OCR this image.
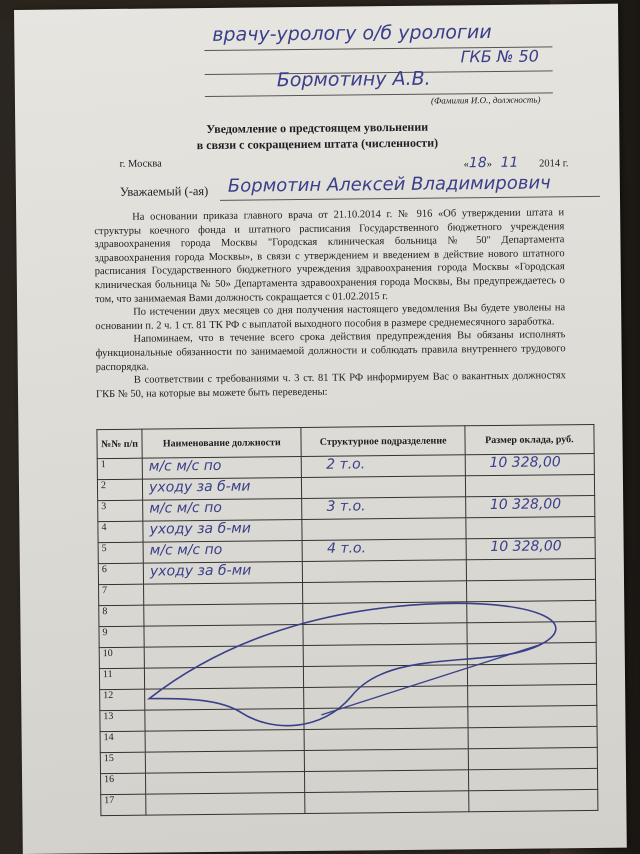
врачу-урологу о/б урологии
ГКБ № 50
Бормотину А.В.
(Фамилия И.О., должность)
Уведомление о предстоящем увольнении
в связи с сокращением штата (численности)
г. Москва	«18» 11 2014 г.
Уважаемый (-ая) Бормотин Алексей Владимирович

На основании приказа главного врача от 21.10.2014 г. № 916 «Об утверждении штата и структуры коечного фонда и штатного расписания Государственного бюджетного учреждения здравоохранения города Москвы "Городская клиническая больница № 50" Департамента здравоохранения города Москвы», в связи с утверждением и введением в действие нового штатного расписания Государственного бюджетного учреждения здравоохранения города Москвы «Городская клиническая больница № 50» Департамента здравоохранения города Москвы, Вы предупреждаетесь о том, что занимаемая Вами должность сокращается с 01.02.2015 г.

По истечении двух месяцев со дня получения настоящего уведомления Вы будете уволены на основании п. 2 ч. 1 ст. 81 ТК РФ с выплатой выходного пособия в размере среднемесячного заработка.

Напоминаем, что в течение всего срока действия предупреждения Вы обязаны исполнять функциональные обязанности по занимаемой должности и соблюдать правила внутреннего трудового распорядка.

В соответствии с требованиями ч. 3 ст. 81 ТК РФ информируем Вас о вакантных должностях ГКБ № 50, на которые вы можете быть переведены:

№№ п/п	Наименование должности	Структурное подразделение	Размер оклада, руб.
1	м/с м/с по	2 т.о.	10 328,00
2	уходу за б-ми		
3	м/с м/с по	3 т.о.	10 328,00
4	уходу за б-ми		
5	м/с м/с по	4 т.о.	10 328,00
6	уходу за б-ми		
7			
8			
9			
10			
11			
12			
13			
14			
15			
16			
17			
